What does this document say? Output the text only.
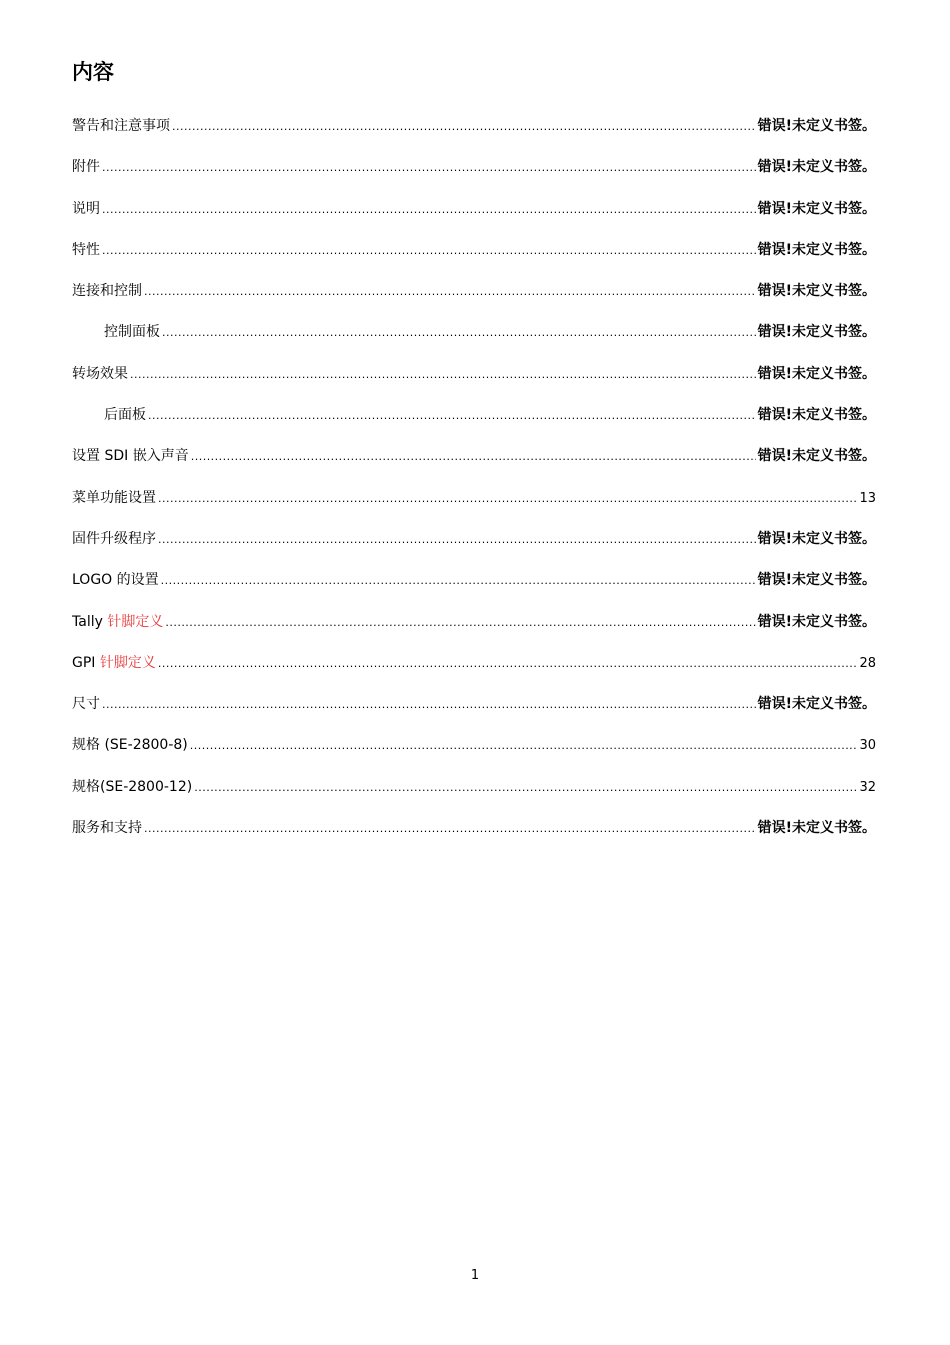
内容
警告和注意事项 .....	错误!未定义书签。
附件 .....	错误!未定义书签。
说明 .....	错误!未定义书签。
特性 .....	错误!未定义书签。
连接和控制 .....	错误!未定义书签。
控制面板 .....	错误!未定义书签。
转场效果 .....	错误!未定义书签。
后面板 .....	错误!未定义书签。
设置 SDI 嵌入声音 .....	错误!未定义书签。
菜单功能设置 .....	13
固件升级程序 .....	错误!未定义书签。
LOGO 的设置 .....	错误!未定义书签。
Tally 针脚定义 .....	错误!未定义书签。
GPI 针脚定义 .....	28
尺寸 .....	错误!未定义书签。
规格 (SE-2800-8) .....	30
规格(SE-2800-12) .....	32
服务和支持 .....	错误!未定义书签。
1
